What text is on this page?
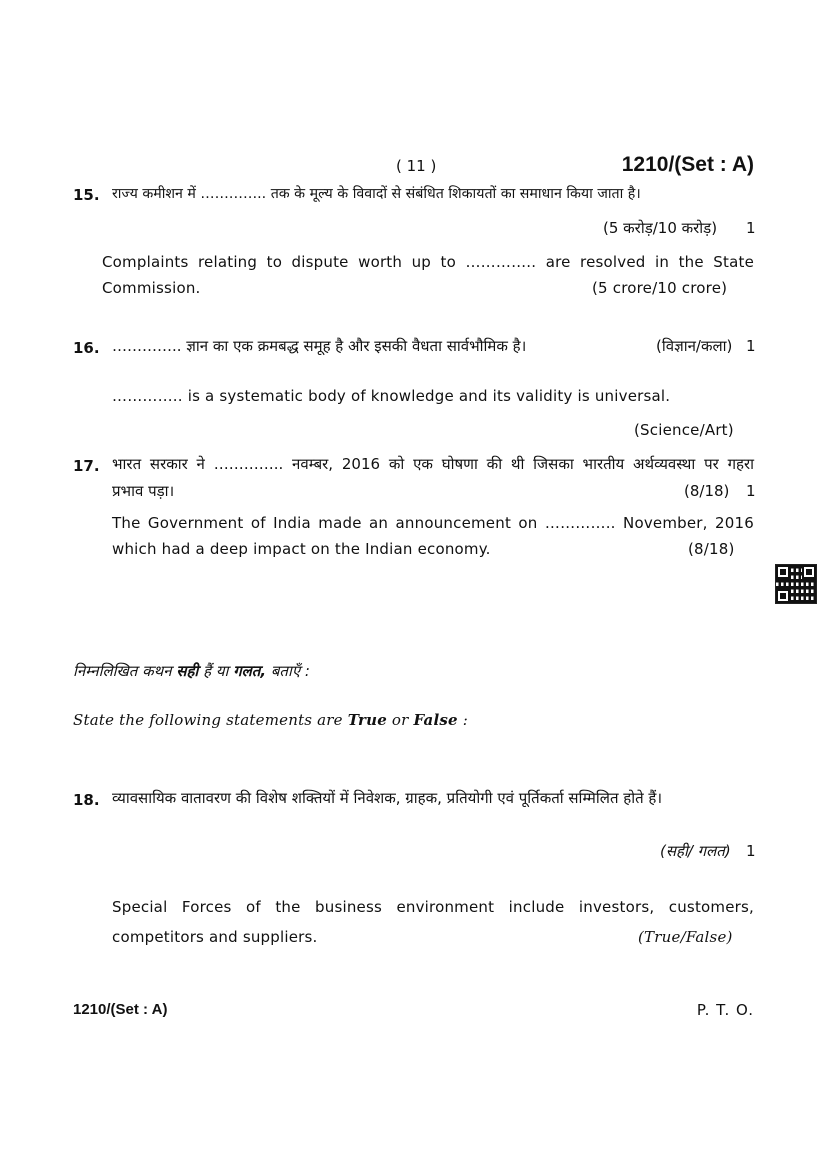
( 11 )	1210/(Set : A)
15. राज्य कमीशन में ………….. तक के मूल्य के विवादों से संबंधित शिकायतों का समाधान किया जाता है।
(5 करोड़/10 करोड़) 1
Complaints relating to dispute worth up to ………….. are resolved in the State
Commission.	(5 crore/10 crore)
16. ………….. ज्ञान का एक क्रमबद्ध समूह है और इसकी वैधता सार्वभौमिक है।	(विज्ञान/कला) 1
………….. is a systematic body of knowledge and its validity is universal.
(Science/Art)
17. भारत सरकार ने ………….. नवम्बर, 2016 को एक घोषणा की थी जिसका भारतीय अर्थव्यवस्था पर गहरा
प्रभाव पड़ा।	(8/18) 1
The Government of India made an announcement on ………….. November, 2016
which had a deep impact on the Indian economy.	(8/18)
निम्नलिखित कथन सही हैं या गलत, बताएँ :
State the following statements are True or False :
18. व्यावसायिक वातावरण की विशेष शक्तियों में निवेशक, ग्राहक, प्रतियोगी एवं पूर्तिकर्ता सम्मिलित होते हैं।
(सही/ गलत) 1
Special Forces of the business environment include investors, customers,
competitors and suppliers.	(True/False)
1210/(Set : A)	P. T. O.
